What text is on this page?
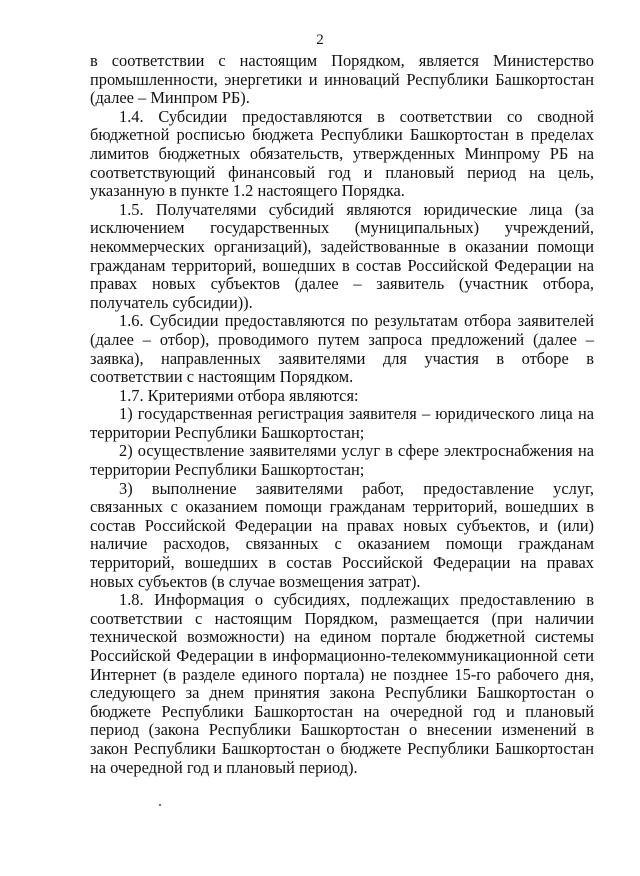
2

в соответствии с настоящим Порядком, является Министерство промышленности, энергетики и инноваций Республики Башкортостан (далее – Минпром РБ).

1.4. Субсидии предоставляются в соответствии со сводной бюджетной росписью бюджета Республики Башкортостан в пределах лимитов бюджетных обязательств, утвержденных Минпрому РБ на соответствующий финансовый год и плановый период на цель, указанную в пункте 1.2 настоящего Порядка.

1.5. Получателями субсидий являются юридические лица (за исключением государственных (муниципальных) учреждений, некоммерческих организаций), задействованные в оказании помощи гражданам территорий, вошедших в состав Российской Федерации на правах новых субъектов (далее – заявитель (участник отбора, получатель субсидии)).

1.6. Субсидии предоставляются по результатам отбора заявителей (далее – отбор), проводимого путем запроса предложений (далее – заявка), направленных заявителями для участия в отборе в соответствии с настоящим Порядком.

1.7. Критериями отбора являются:

1) государственная регистрация заявителя – юридического лица на территории Республики Башкортостан;

2) осуществление заявителями услуг в сфере электроснабжения на территории Республики Башкортостан;

3) выполнение заявителями работ, предоставление услуг, связанных с оказанием помощи гражданам территорий, вошедших в состав Российской Федерации на правах новых субъектов, и (или) наличие расходов, связанных с оказанием помощи гражданам территорий, вошедших в состав Российской Федерации на правах новых субъектов (в случае возмещения затрат).

1.8. Информация о субсидиях, подлежащих предоставлению в соответствии с настоящим Порядком, размещается (при наличии технической возможности) на едином портале бюджетной системы Российской Федерации в информационно-телекоммуникационной сети Интернет (в разделе единого портала) не позднее 15-го рабочего дня, следующего за днем принятия закона Республики Башкортостан о бюджете Республики Башкортостан на очередной год и плановый период (закона Республики Башкортостан о внесении изменений в закон Республики Башкортостан о бюджете Республики Башкортостан на очередной год и плановый период).
